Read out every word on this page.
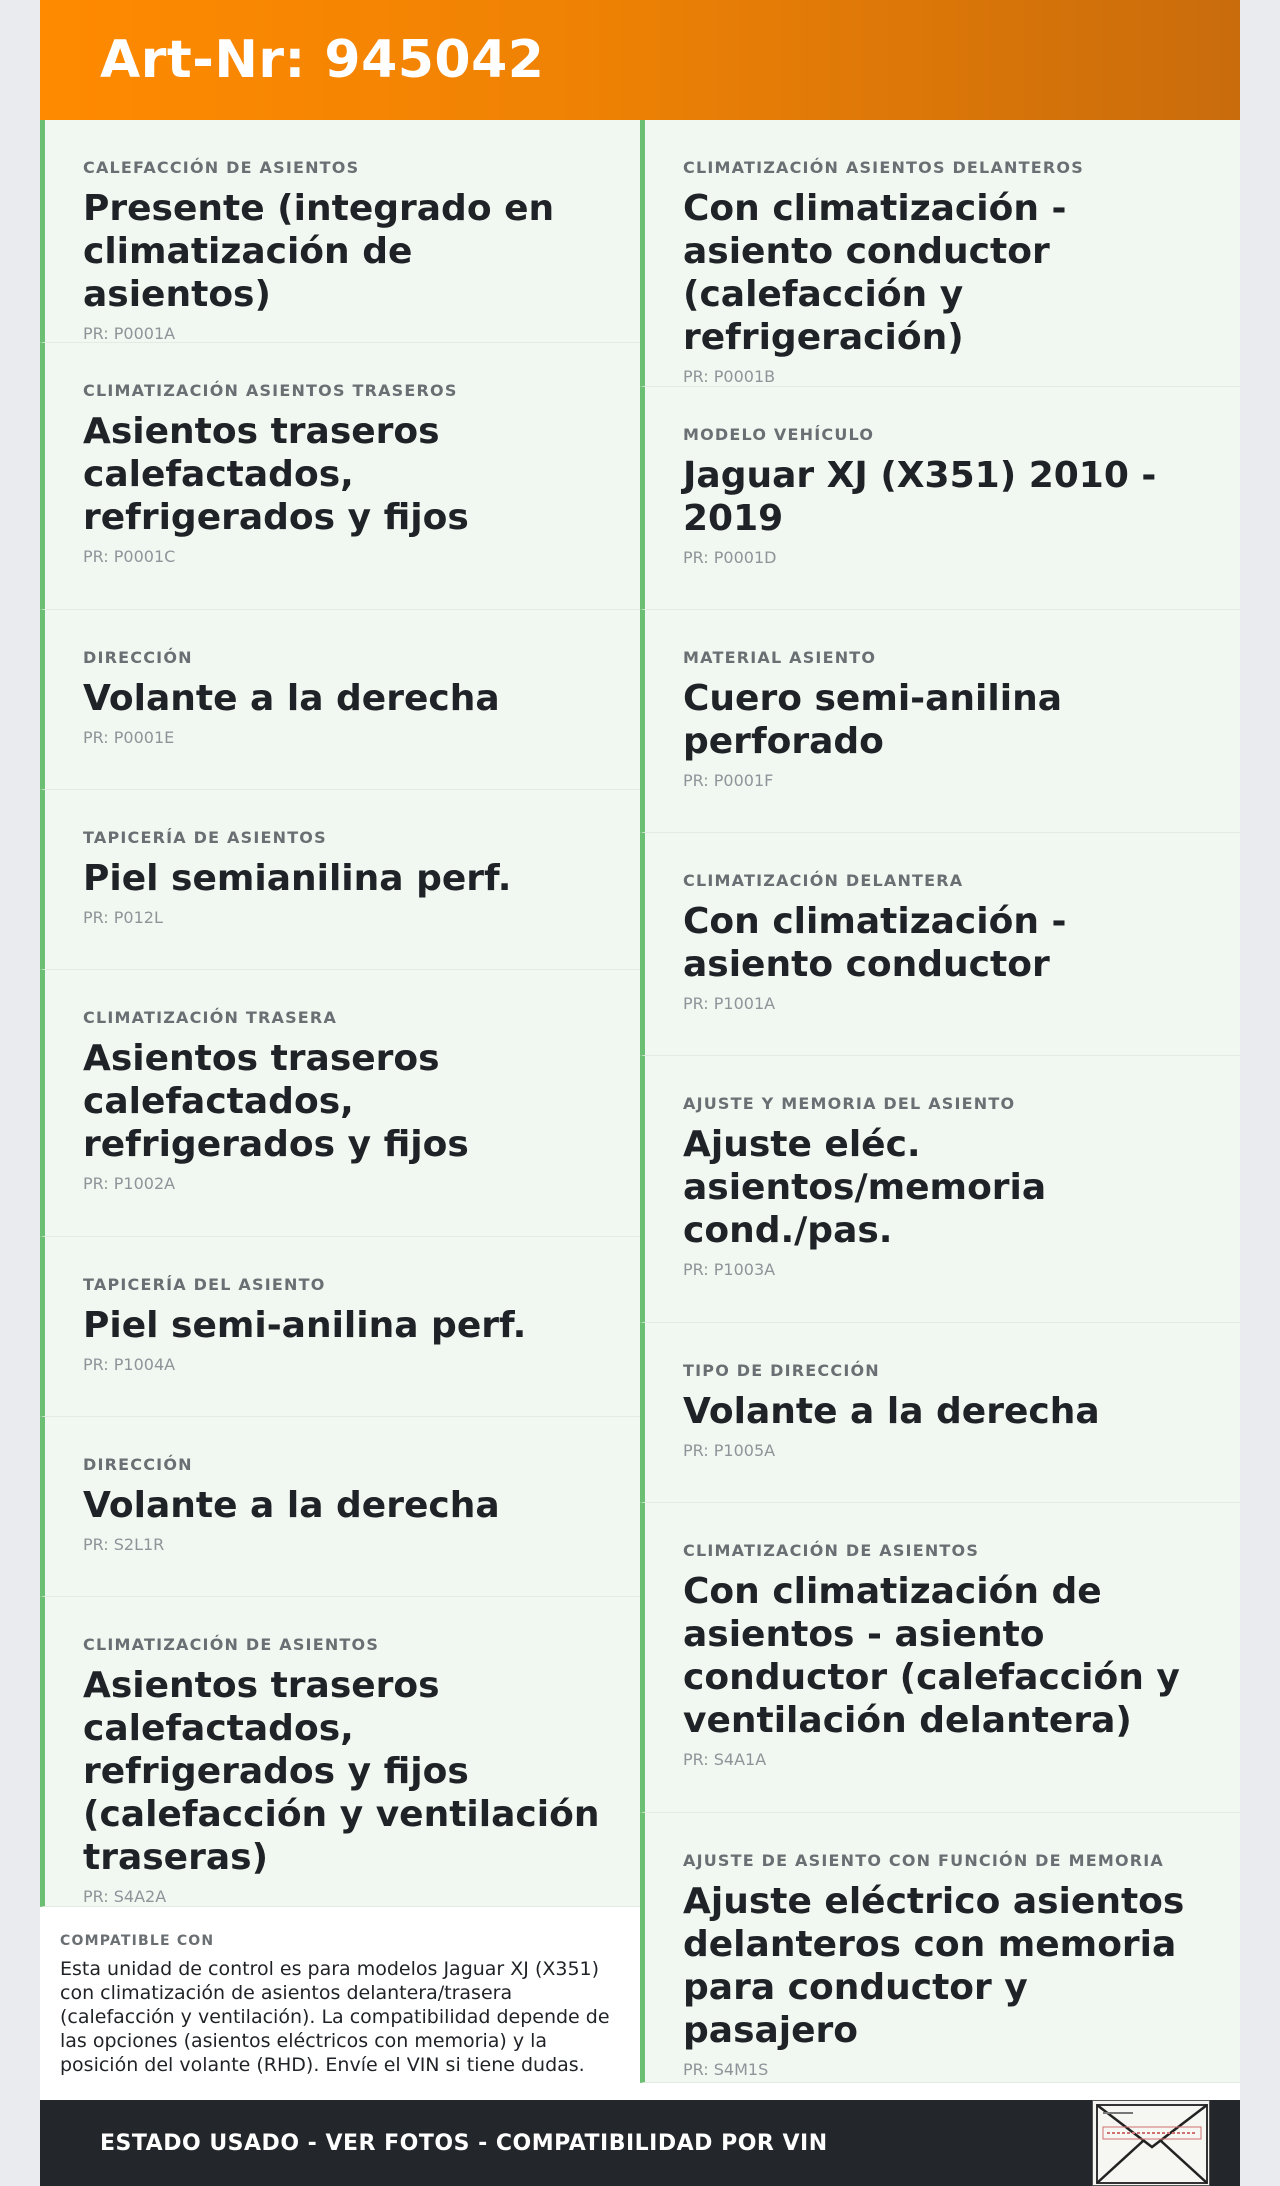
Art-Nr: 945042
CALEFACCIÓN DE ASIENTOS
Presente (integrado en climatización de asientos)
PR: P0001A
CLIMATIZACIÓN ASIENTOS TRASEROS
Asientos traseros calefactados, refrigerados y fijos
PR: P0001C
DIRECCIÓN
Volante a la derecha
PR: P0001E
TAPICERÍA DE ASIENTOS
Piel semianilina perf.
PR: P012L
CLIMATIZACIÓN TRASERA
Asientos traseros calefactados, refrigerados y fijos
PR: P1002A
TAPICERÍA DEL ASIENTO
Piel semi-anilina perf.
PR: P1004A
DIRECCIÓN
Volante a la derecha
PR: S2L1R
CLIMATIZACIÓN DE ASIENTOS
Asientos traseros calefactados, refrigerados y fijos (calefacción y ventilación traseras)
PR: S4A2A
COMPATIBLE CON
Esta unidad de control es para modelos Jaguar XJ (X351) con climatización de asientos delantera/trasera (calefacción y ventilación). La compatibilidad depende de las opciones (asientos eléctricos con memoria) y la posición del volante (RHD). Envíe el VIN si tiene dudas.
CLIMATIZACIÓN ASIENTOS DELANTEROS
Con climatización - asiento conductor (calefacción y refrigeración)
PR: P0001B
MODELO VEHÍCULO
Jaguar XJ (X351) 2010 - 2019
PR: P0001D
MATERIAL ASIENTO
Cuero semi-anilina perforado
PR: P0001F
CLIMATIZACIÓN DELANTERA
Con climatización - asiento conductor
PR: P1001A
AJUSTE Y MEMORIA DEL ASIENTO
Ajuste eléc. asientos/memoria cond./pas.
PR: P1003A
TIPO DE DIRECCIÓN
Volante a la derecha
PR: P1005A
CLIMATIZACIÓN DE ASIENTOS
Con climatización de asientos - asiento conductor (calefacción y ventilación delantera)
PR: S4A1A
AJUSTE DE ASIENTO CON FUNCIÓN DE MEMORIA
Ajuste eléctrico asientos delanteros con memoria para conductor y pasajero
PR: S4M1S
ESTADO USADO - VER FOTOS - COMPATIBILIDAD POR VIN
